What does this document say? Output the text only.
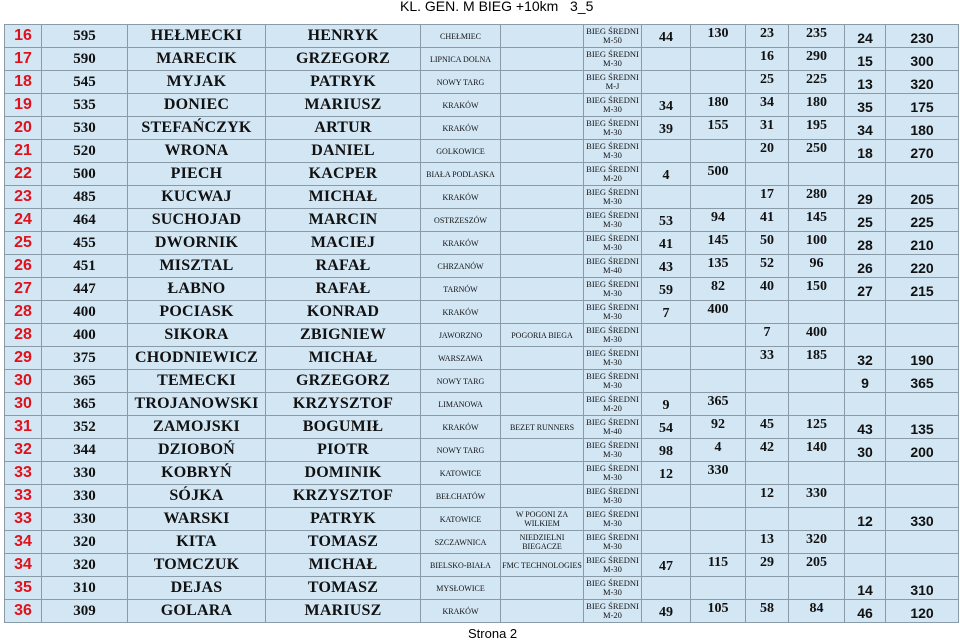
KL. GEN. M BIEG +10km   3_5
16	595	HEŁMECKI	HENRYK	CHEŁMIEC		BIEG ŚREDNI
M-50	44	130	23	235	24	230
17	590	MARECIK	GRZEGORZ	LIPNICA DOLNA		BIEG ŚREDNI
M-30			16	290	15	300
18	545	MYJAK	PATRYK	NOWY TARG		BIEG ŚREDNI
M-J			25	225	13	320
19	535	DONIEC	MARIUSZ	KRAKÓW		BIEG ŚREDNI
M-30	34	180	34	180	35	175
20	530	STEFAŃCZYK	ARTUR	KRAKÓW		BIEG ŚREDNI
M-30	39	155	31	195	34	180
21	520	WRONA	DANIEL	GOLKOWICE		BIEG ŚREDNI
M-30			20	250	18	270
22	500	PIECH	KACPER	BIAŁA PODLASKA		BIEG ŚREDNI
M-20	4	500				
23	485	KUCWAJ	MICHAŁ	KRAKÓW		BIEG ŚREDNI
M-30			17	280	29	205
24	464	SUCHOJAD	MARCIN	OSTRZESZÓW		BIEG ŚREDNI
M-30	53	94	41	145	25	225
25	455	DWORNIK	MACIEJ	KRAKÓW		BIEG ŚREDNI
M-30	41	145	50	100	28	210
26	451	MISZTAL	RAFAŁ	CHRZANÓW		BIEG ŚREDNI
M-40	43	135	52	96	26	220
27	447	ŁABNO	RAFAŁ	TARNÓW		BIEG ŚREDNI
M-30	59	82	40	150	27	215
28	400	POCIASK	KONRAD	KRAKÓW		BIEG ŚREDNI
M-30	7	400				
28	400	SIKORA	ZBIGNIEW	JAWORZNO	POGORIA BIEGA	BIEG ŚREDNI
M-30			7	400		
29	375	CHODNIEWICZ	MICHAŁ	WARSZAWA		BIEG ŚREDNI
M-30			33	185	32	190
30	365	TEMECKI	GRZEGORZ	NOWY TARG		BIEG ŚREDNI
M-30					9	365
30	365	TROJANOWSKI	KRZYSZTOF	LIMANOWA		BIEG ŚREDNI
M-20	9	365				
31	352	ZAMOJSKI	BOGUMIŁ	KRAKÓW	BEZET RUNNERS	BIEG ŚREDNI
M-40	54	92	45	125	43	135
32	344	DZIOBOŃ	PIOTR	NOWY TARG		BIEG ŚREDNI
M-30	98	4	42	140	30	200
33	330	KOBRYŃ	DOMINIK	KATOWICE		BIEG ŚREDNI
M-30	12	330				
33	330	SÓJKA	KRZYSZTOF	BEŁCHATÓW		BIEG ŚREDNI
M-30			12	330		
33	330	WARSKI	PATRYK	KATOWICE	W POGONI ZA WILKIEM	BIEG ŚREDNI
M-30					12	330
34	320	KITA	TOMASZ	SZCZAWNICA	NIEDZIELNI BIEGACZE	BIEG ŚREDNI
M-30			13	320		
34	320	TOMCZUK	MICHAŁ	BIELSKO-BIAŁA	FMC TECHNOLOGIES	BIEG ŚREDNI
M-30	47	115	29	205		
35	310	DEJAS	TOMASZ	MYSŁOWICE		BIEG ŚREDNI
M-30					14	310
36	309	GOLARA	MARIUSZ	KRAKÓW		BIEG ŚREDNI
M-20	49	105	58	84	46	120
Strona 2
